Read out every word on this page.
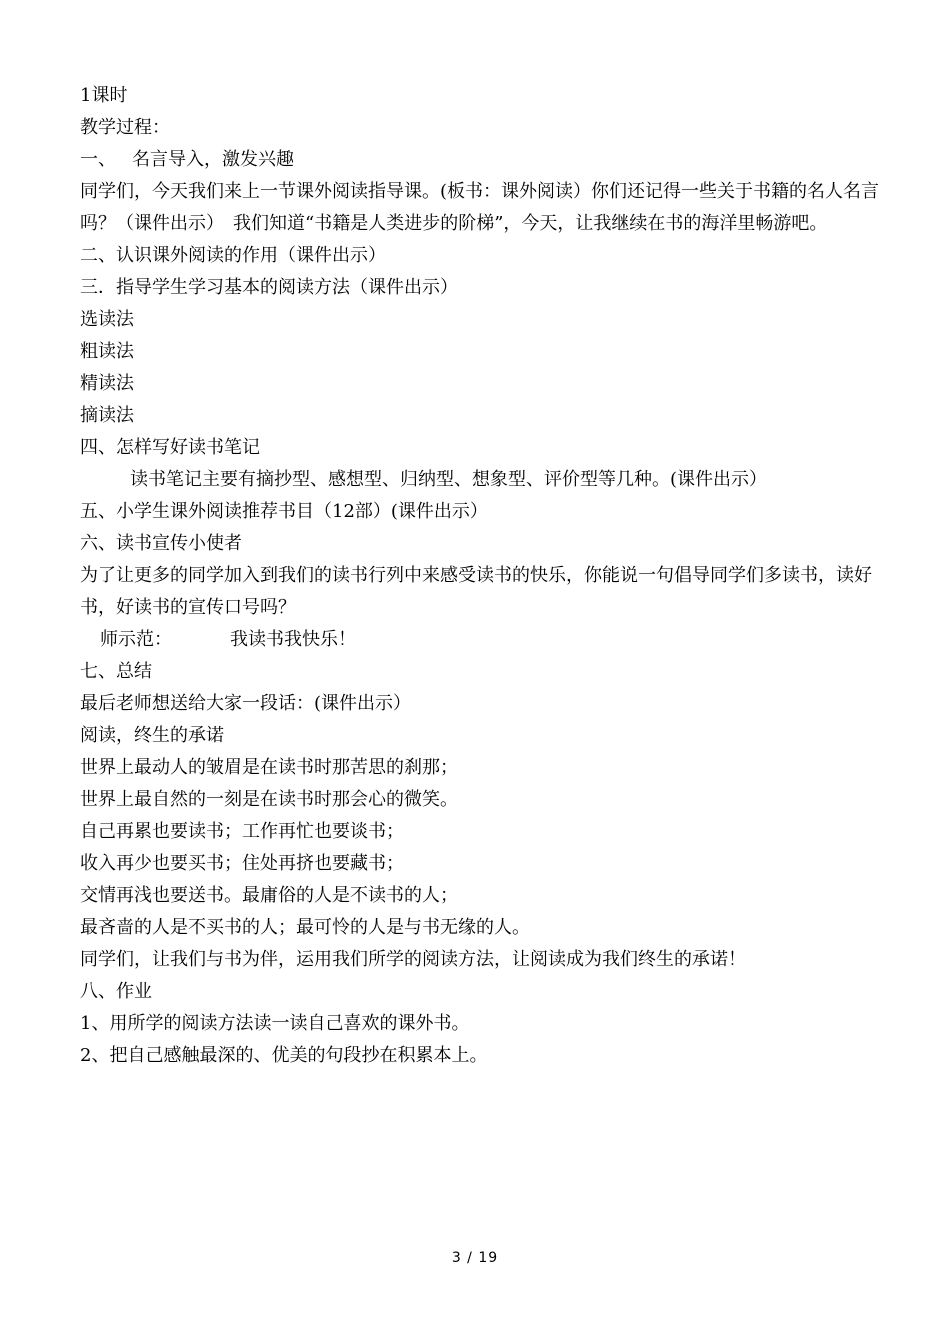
1课时
教学过程：
一、 名言导入，激发兴趣
同学们，今天我们来上一节课外阅读指导课。(板书：课外阅读）你们还记得一些关于书籍的名人名言吗？（课件出示）　我们知道“书籍是人类进步的阶梯”，今天，让我继续在书的海洋里畅游吧。
二、认识课外阅读的作用（课件出示）
三．指导学生学习基本的阅读方法（课件出示）
选读法
粗读法
精读法
摘读法
四、怎样写好读书笔记
读书笔记主要有摘抄型、感想型、归纳型、想象型、评价型等几种。(课件出示）
五、小学生课外阅读推荐书目（12部）(课件出示）
六、读书宣传小使者
为了让更多的同学加入到我们的读书行列中来感受读书的快乐，你能说一句倡导同学们多读书，读好书，好读书的宣传口号吗？
师示范：	我读书我快乐！
七、总结
最后老师想送给大家一段话：(课件出示）
阅读，终生的承诺
世界上最动人的皱眉是在读书时那苦思的刹那；
世界上最自然的一刻是在读书时那会心的微笑。
自己再累也要读书；工作再忙也要谈书；
收入再少也要买书；住处再挤也要藏书；
交情再浅也要送书。最庸俗的人是不读书的人；
最吝啬的人是不买书的人；最可怜的人是与书无缘的人。
同学们，让我们与书为伴，运用我们所学的阅读方法，让阅读成为我们终生的承诺！
八、作业
1、用所学的阅读方法读一读自己喜欢的课外书。
2、把自己感触最深的、优美的句段抄在积累本上。
3 / 19
